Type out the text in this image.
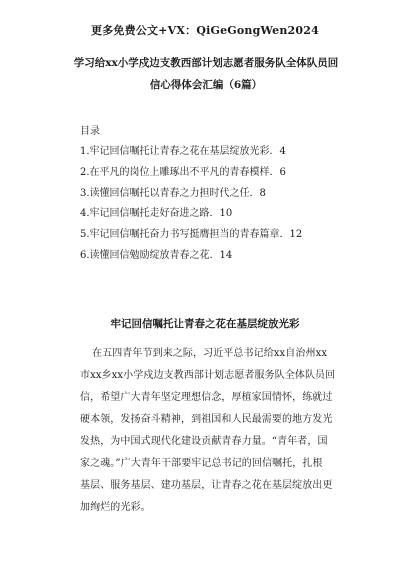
更多免费公文+VX：QiGeGongWen2024
学习给xx小学戍边支教西部计划志愿者服务队全体队员回
信心得体会汇编（6篇）
目录
1.牢记回信嘱托让青春之花在基层绽放光彩．4
2.在平凡的岗位上雕琢出不平凡的青春模样．6
3.读懂回信嘱托以青春之力担时代之任．8
4.牢记回信嘱托走好奋进之路．10
5.牢记回信嘱托奋力书写挺膺担当的青春篇章．12
6.读懂回信勉励绽放青春之花．14
牢记回信嘱托让青春之花在基层绽放光彩
在五四青年节到来之际，习近平总书记给xx自治州xx
市xx乡xx小学戍边支教西部计划志愿者服务队全体队员回
信，希望广大青年坚定理想信念，厚植家国情怀，练就过
硬本领，发扬奋斗精神，到祖国和人民最需要的地方发光
发热，为中国式现代化建设贡献青春力量。“青年者，国
家之魂。”广大青年干部要牢记总书记的回信嘱托，扎根
基层、服务基层、建功基层，让青春之花在基层绽放出更
加绚烂的光彩。
